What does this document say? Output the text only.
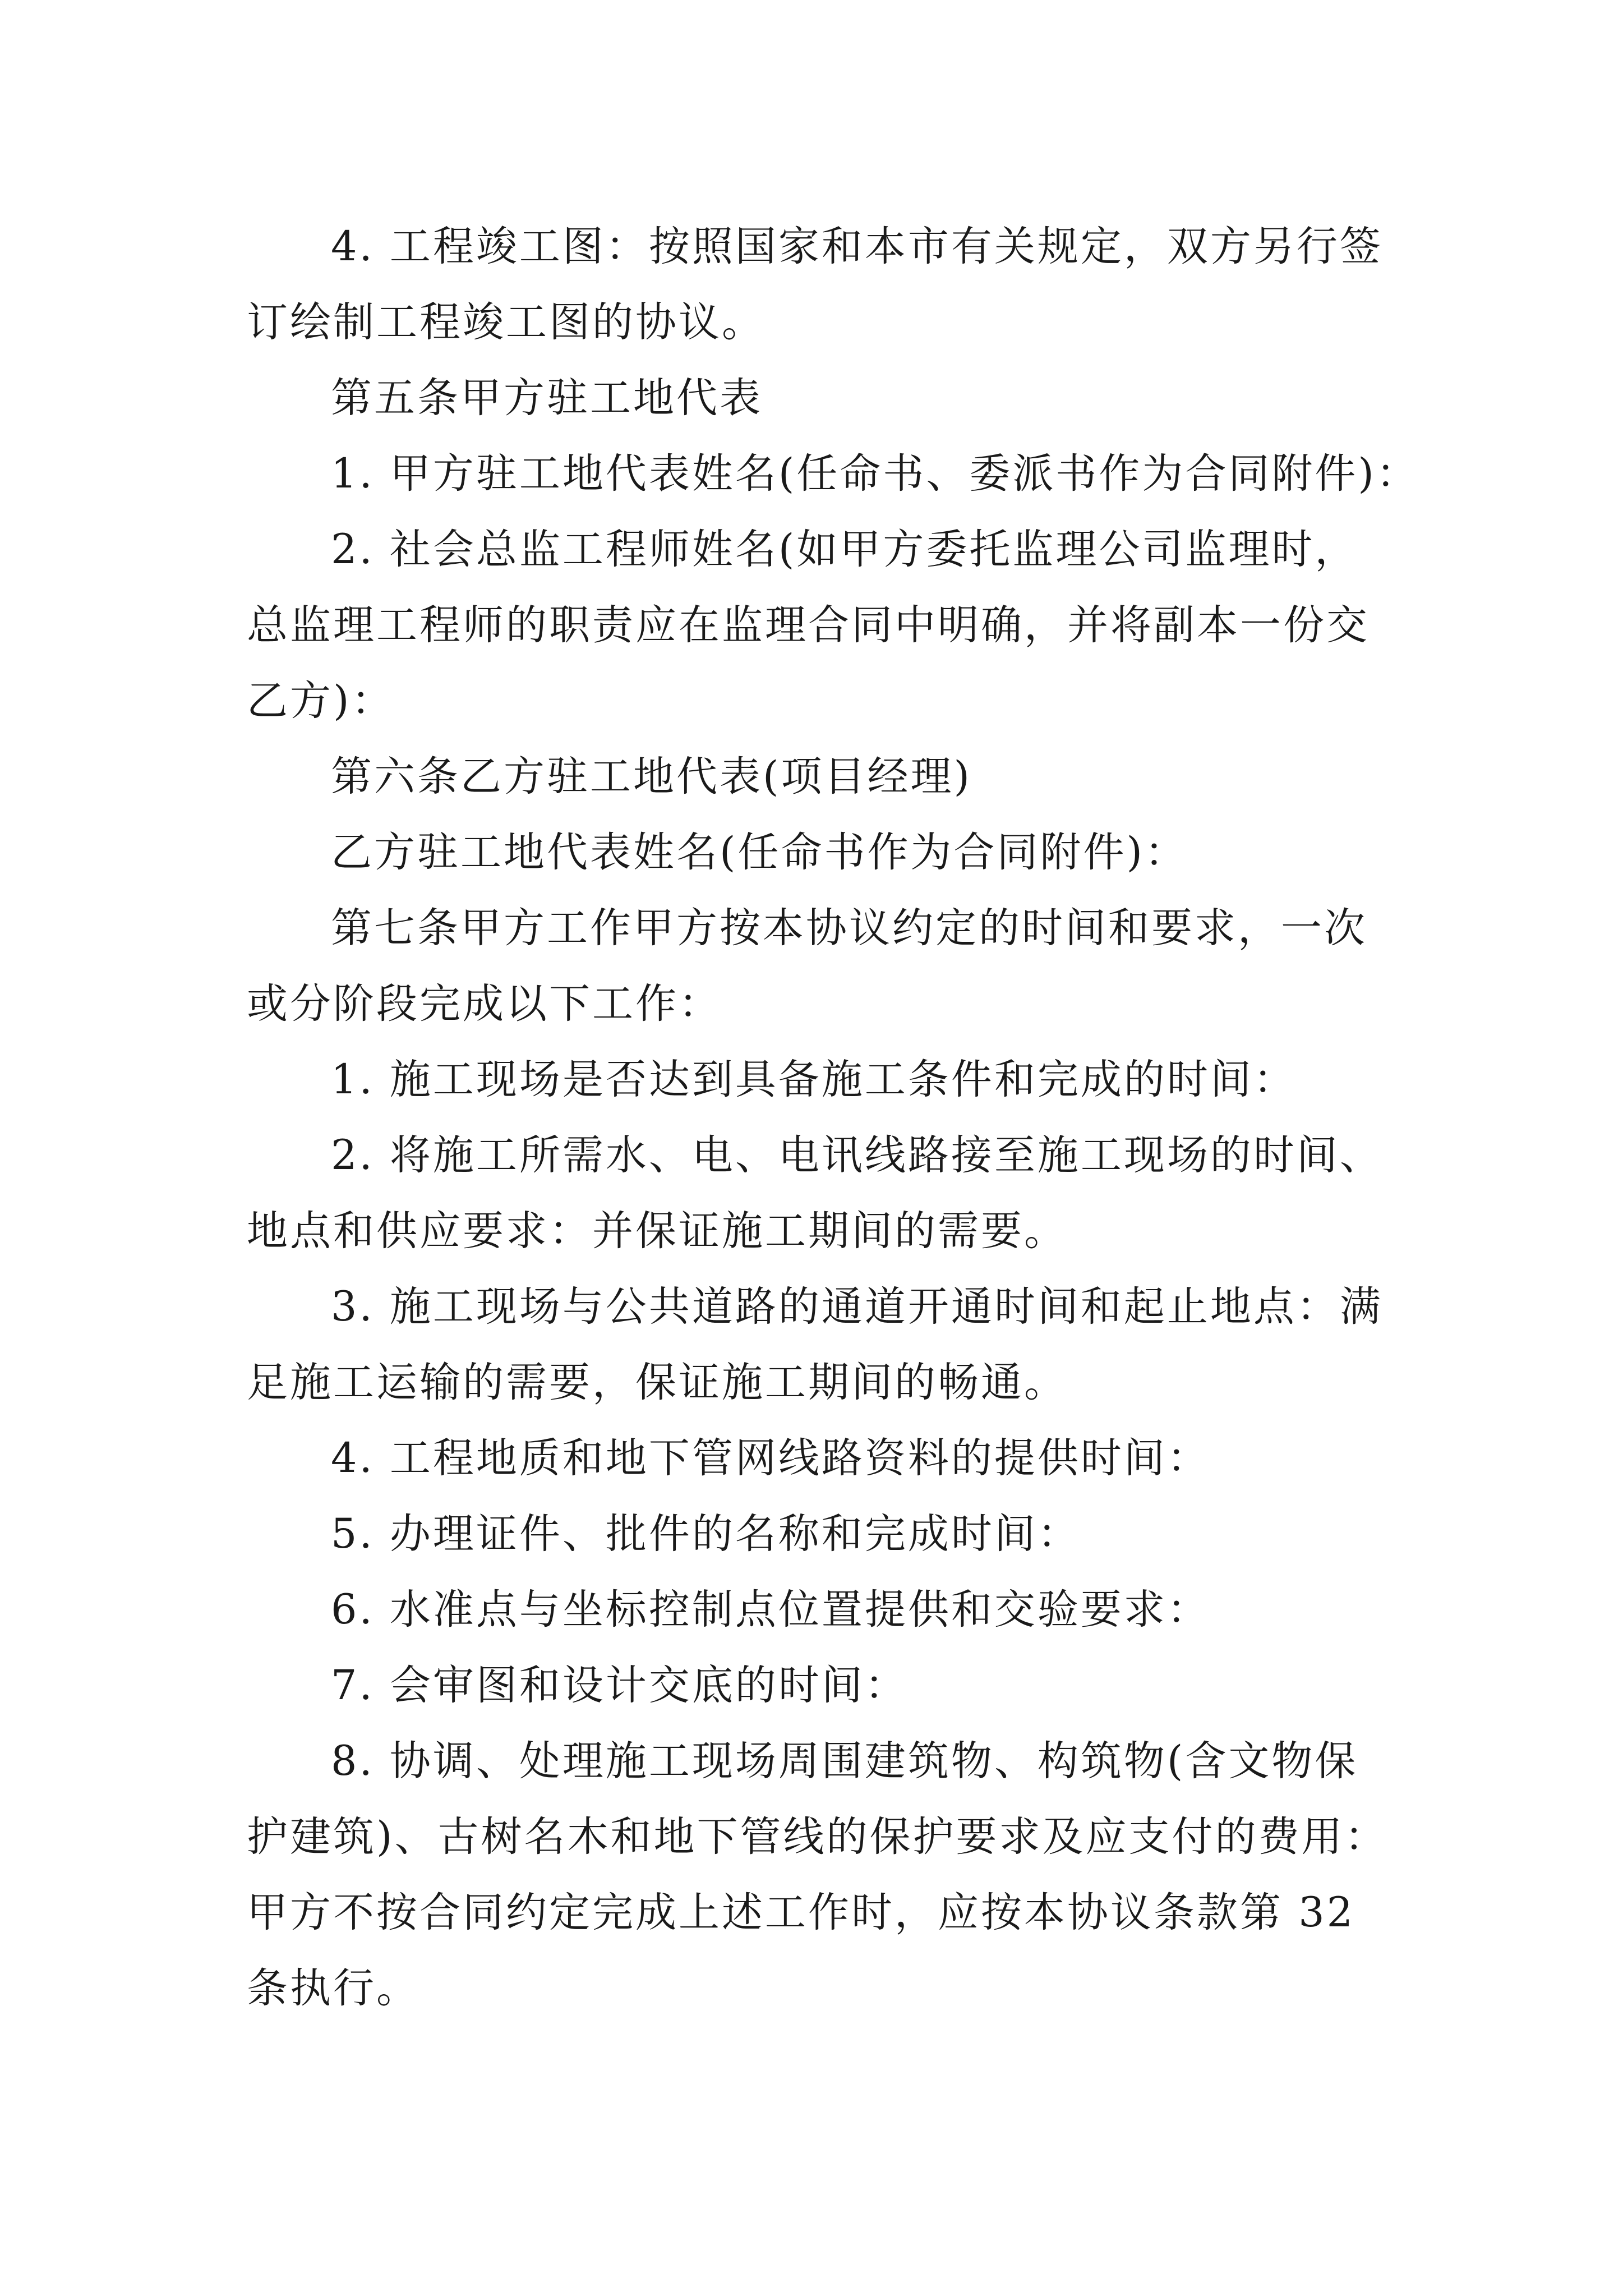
4. 工程竣工图：按照国家和本市有关规定，双方另行签
订绘制工程竣工图的协议。

第五条甲方驻工地代表

1. 甲方驻工地代表姓名(任命书、委派书作为合同附件)：

2. 社会总监工程师姓名(如甲方委托监理公司监理时，
总监理工程师的职责应在监理合同中明确，并将副本一份交
乙方)：

第六条乙方驻工地代表(项目经理)

乙方驻工地代表姓名(任命书作为合同附件)：

第七条甲方工作甲方按本协议约定的时间和要求，一次
或分阶段完成以下工作：

1. 施工现场是否达到具备施工条件和完成的时间：

2. 将施工所需水、电、电讯线路接至施工现场的时间、
地点和供应要求：并保证施工期间的需要。

3. 施工现场与公共道路的通道开通时间和起止地点：满
足施工运输的需要，保证施工期间的畅通。

4. 工程地质和地下管网线路资料的提供时间：

5. 办理证件、批件的名称和完成时间：

6. 水准点与坐标控制点位置提供和交验要求：

7. 会审图和设计交底的时间：

8. 协调、处理施工现场周围建筑物、构筑物(含文物保
护建筑)、古树名木和地下管线的保护要求及应支付的费用：
甲方不按合同约定完成上述工作时，应按本协议条款第 32
条执行。
